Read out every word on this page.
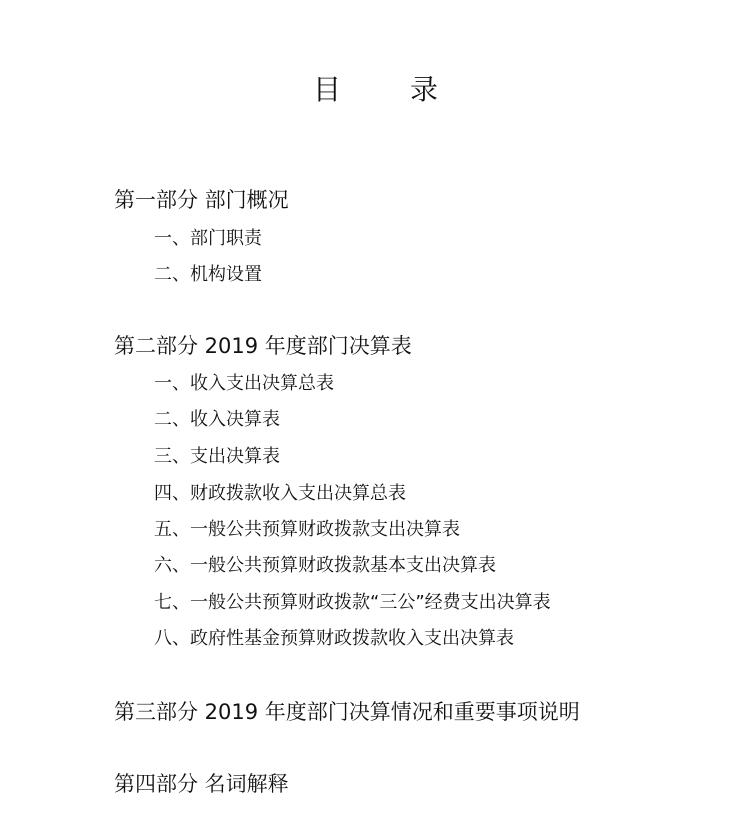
目 录
第一部分 部门概况
一、部门职责
二、机构设置
第二部分 2019 年度部门决算表
一、收入支出决算总表
二、收入决算表
三、支出决算表
四、财政拨款收入支出决算总表
五、一般公共预算财政拨款支出决算表
六、一般公共预算财政拨款基本支出决算表
七、一般公共预算财政拨款“三公”经费支出决算表
八、政府性基金预算财政拨款收入支出决算表
第三部分 2019 年度部门决算情况和重要事项说明
第四部分 名词解释
